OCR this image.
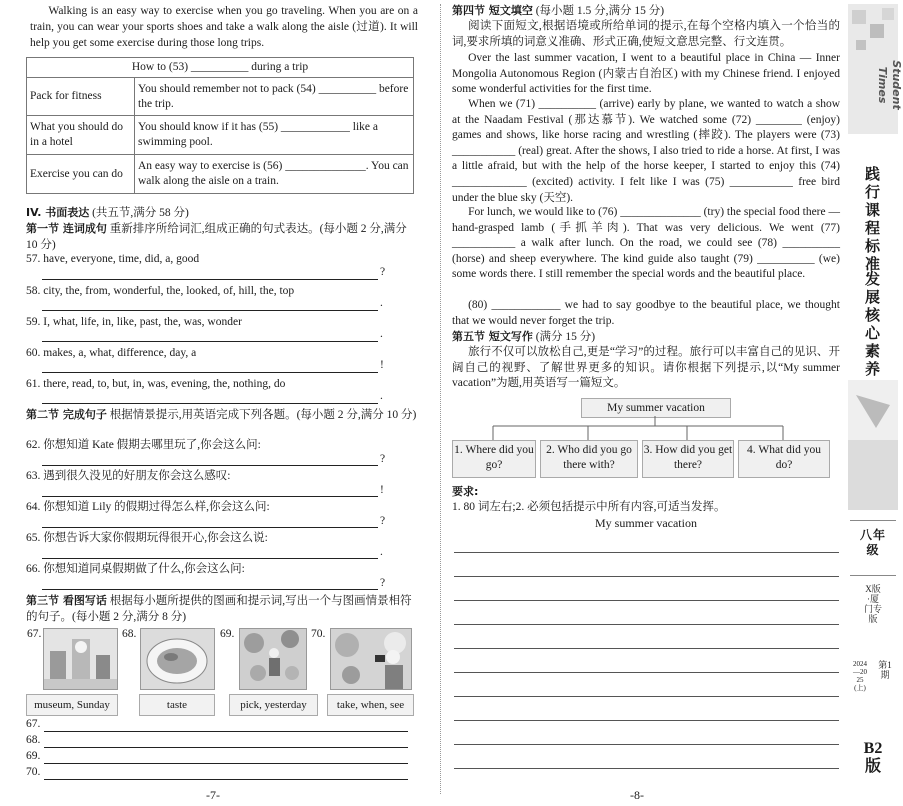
Walking is an easy way to exercise when you go traveling. When you are on a train, you can wear your sports shoes and take a walk along the aisle (过道). It will help you get some exercise during those long trips.

How to (53) __________ during a trip	
Pack for fitness	You should remember not to pack (54) __________ before the trip.
What you should do in a hotel	You should know if it has (55) ____________ like a swimming pool.
Exercise you can do	An easy way to exercise is (56) ______________. You can walk along the aisle on a train.
IV. 书面表达 (共五节,满分 58 分)
第一节 连词成句 重新排序所给词汇,组成正确的句式表达。(每小题 2 分,满分 10 分)
57. have, everyone, time, did, a, good
?
58. city, the, from, wonderful, the, looked, of, hill, the, top
.
59. I, what, life, in, like, past, the, was, wonder
.
60. makes, a, what, difference, day, a
!
61. there, read, to, but, in, was, evening, the, nothing, do
.
第二节 完成句子 根据情景提示,用英语完成下列各题。(每小题 2 分,满分 10 分)
62. 你想知道 Kate 假期去哪里玩了,你会这么问:
?
63. 遇到很久没见的好朋友你会这么感叹:
!
64. 你想知道 Lily 的假期过得怎么样,你会这么问:
?
65. 你想告诉大家你假期玩得很开心,你会这么说:
.
66. 你想知道同桌假期做了什么,你会这么问:
?
第三节 看图写话 根据每小题所提供的图画和提示词,写出一个与图画情景相符的句子。(每小题 2 分,满分 8 分)
67.	68.	69.	70.
museum, Sunday	taste	pick, yesterday	take, when, see
67.
68.
69.
70.
-7-
第四节 短文填空 (每小题 1.5 分,满分 15 分)

阅读下面短文,根据语境或所给单词的提示,在每个空格内填入一个恰当的词,要求所填的词意义准确、形式正确,使短文意思完整、行文连贯。

Over the last summer vacation, I went to a beautiful place in China — Inner Mongolia Autonomous Region (内蒙古自治区) with my Chinese friend. I enjoyed some wonderful activities for the first time.

When we (71) __________ (arrive) early by plane, we wanted to watch a show at the Naadam Festival (那达慕节). We watched some (72) ________ (enjoy) games and shows, like horse racing and wrestling (摔跤). The players were (73) ___________ (real) great. After the shows, I also tried to ride a horse. At first, I was a little afraid, but with the help of the horse keeper, I started to enjoy this (74) _____________ (excited) activity. I felt like I was (75) ___________ free bird under the blue sky (天空).

For lunch, we would like to (76) ______________ (try) the special food there — hand-grasped lamb (手抓羊肉). That was very delicious. We went (77) ___________ a walk after lunch. On the road, we could see (78) __________ (horse) and sheep everywhere. The kind guide also taught (79) __________ (we) some words there. I still remember the special words and the beautiful place.

(80) ____________ we had to say goodbye to the beautiful place, we thought that we would never forget the trip.

第五节 短文写作 (满分 15 分)

旅行不仅可以放松自己,更是“学习”的过程。旅行可以丰富自己的见识、开阔自己的视野、了解世界更多的知识。请你根据下列提示,以“My summer vacation”为题,用英语写一篇短文。

My summer vacation
1. Where did you go?
2. Who did you go there with?
3. How did you get there?
4. What did you do?
要求:

1. 80 词左右;2. 必须包括提示中所有内容,可适当发挥。

My summer vacation
-8-
Student Times
践行课程标准
发展核心素养
八年级
X版·厦门专版
第1期
2024—2025(上)
B2版
